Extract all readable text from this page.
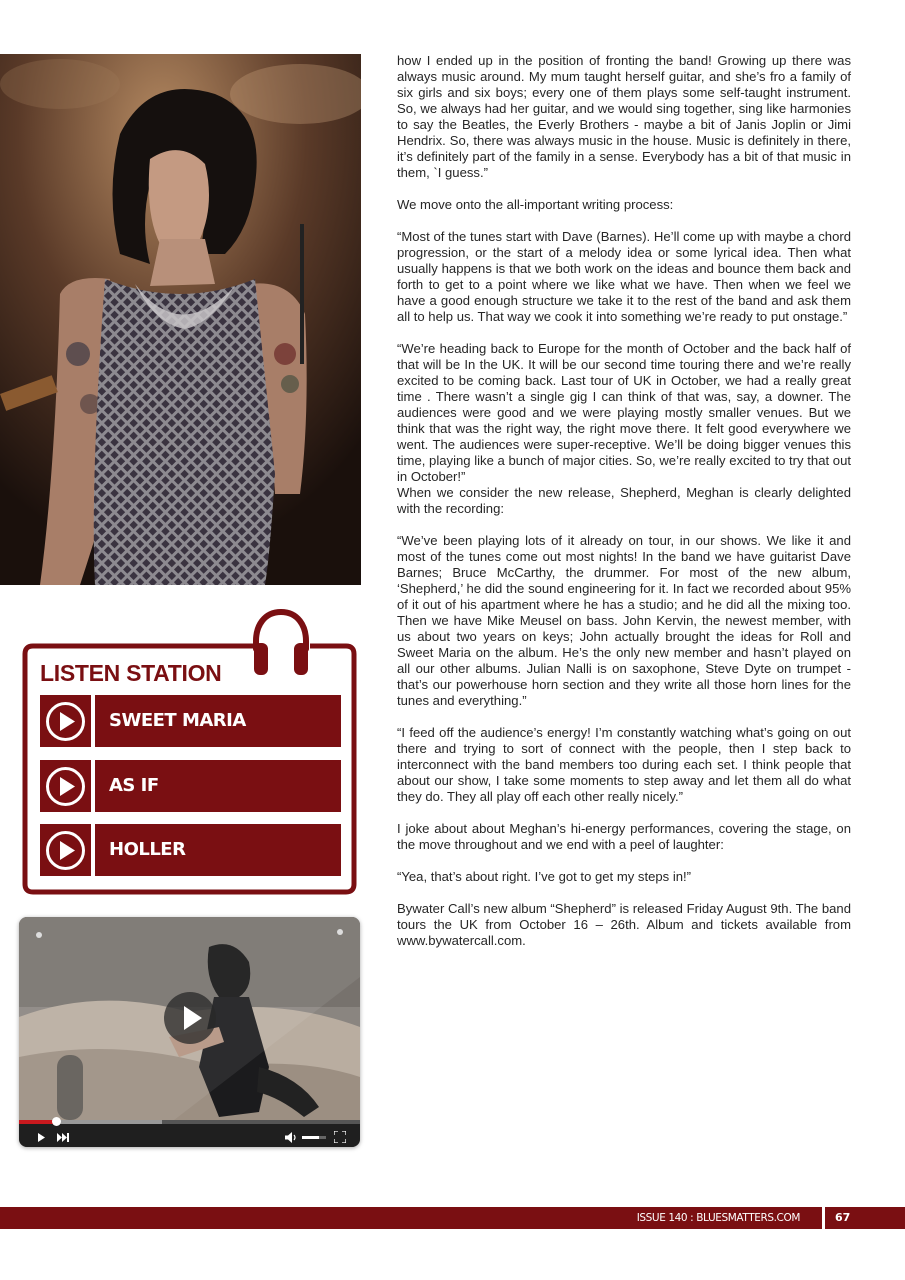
how I ended up in the position of fronting the band! Growing up there was always music around. My mum taught herself guitar, and she’s fro a family of six girls and six boys; every one of them plays some self-taught instrument. So, we always had her guitar, and we would sing together, sing like harmonies to say the Beatles, the Everly Brothers - maybe a bit of Janis Joplin or Jimi Hendrix. So, there was always music in the house. Music is definitely in there, it’s definitely part of the family in a sense. Everybody has a bit of that music in them, `I guess.”

We move onto the all-important writing process:

“Most of the tunes start with Dave (Barnes). He’ll come up with maybe a chord progression, or the start of a melody idea or some lyrical idea. Then what usually happens is that we both work on the ideas and bounce them back and forth to get to a point where we like what we have. Then when we feel we have a good enough structure we take it to the rest of the band and ask them all to help us. That way we cook it into something we’re ready to put onstage.”

“We’re heading back to Europe for the month of October and the back half of that will be In the UK. It will be our second time touring there and we’re really excited to be coming back. Last tour of UK in October, we had a really great time . There wasn’t a single gig I can think of that was, say, a downer. The audiences were good and we were playing mostly smaller venues. But we think that was the right way, the right move there. It felt good everywhere we went. The audiences were super-receptive. We’ll be doing bigger venues this time, playing like a bunch of major cities. So, we’re really excited to try that out in October!”

When we consider the new release, Shepherd, Meghan is clearly delighted with the recording:

“We’ve been playing lots of it already on tour, in our shows. We like it and most of the tunes come out most nights! In the band we have guitarist Dave Barnes; Bruce McCarthy, the drummer. For most of the new album, ‘Shepherd,’ he did the sound engineering for it. In fact we recorded about 95% of it out of his apartment where he has a studio; and he did all the mixing too. Then we have Mike Meusel on bass. John Kervin, the newest member, with us about two years on keys; John actually brought the ideas for Roll and Sweet Maria on the album. He’s the only new member and hasn’t played on all our other albums. Julian Nalli is on saxophone, Steve Dyte on trumpet -that’s our powerhouse horn section and they write all those horn lines for the tunes and everything.”

“I feed off the audience’s energy! I’m constantly watching what’s going on out there and trying to sort of connect with the people, then I step back to interconnect with the band members too during each set. I think people that about our show, I take some moments to step away and let them all do what they do. They all play off each other really nicely.”

I joke about about Meghan’s hi-energy performances, covering the stage, on the move throughout and we end with a peel of laughter:

“Yea, that’s about right. I’ve got to get my steps in!”

Bywater Call’s new album “Shepherd” is released Friday August 9th. The band tours the UK from October 16 – 26th. Album and tickets available from www.bywatercall.com.

LISTEN STATION
SWEET MARIA
AS IF
HOLLER
ISSUE 140 : BLUESMATTERS.COM	67
